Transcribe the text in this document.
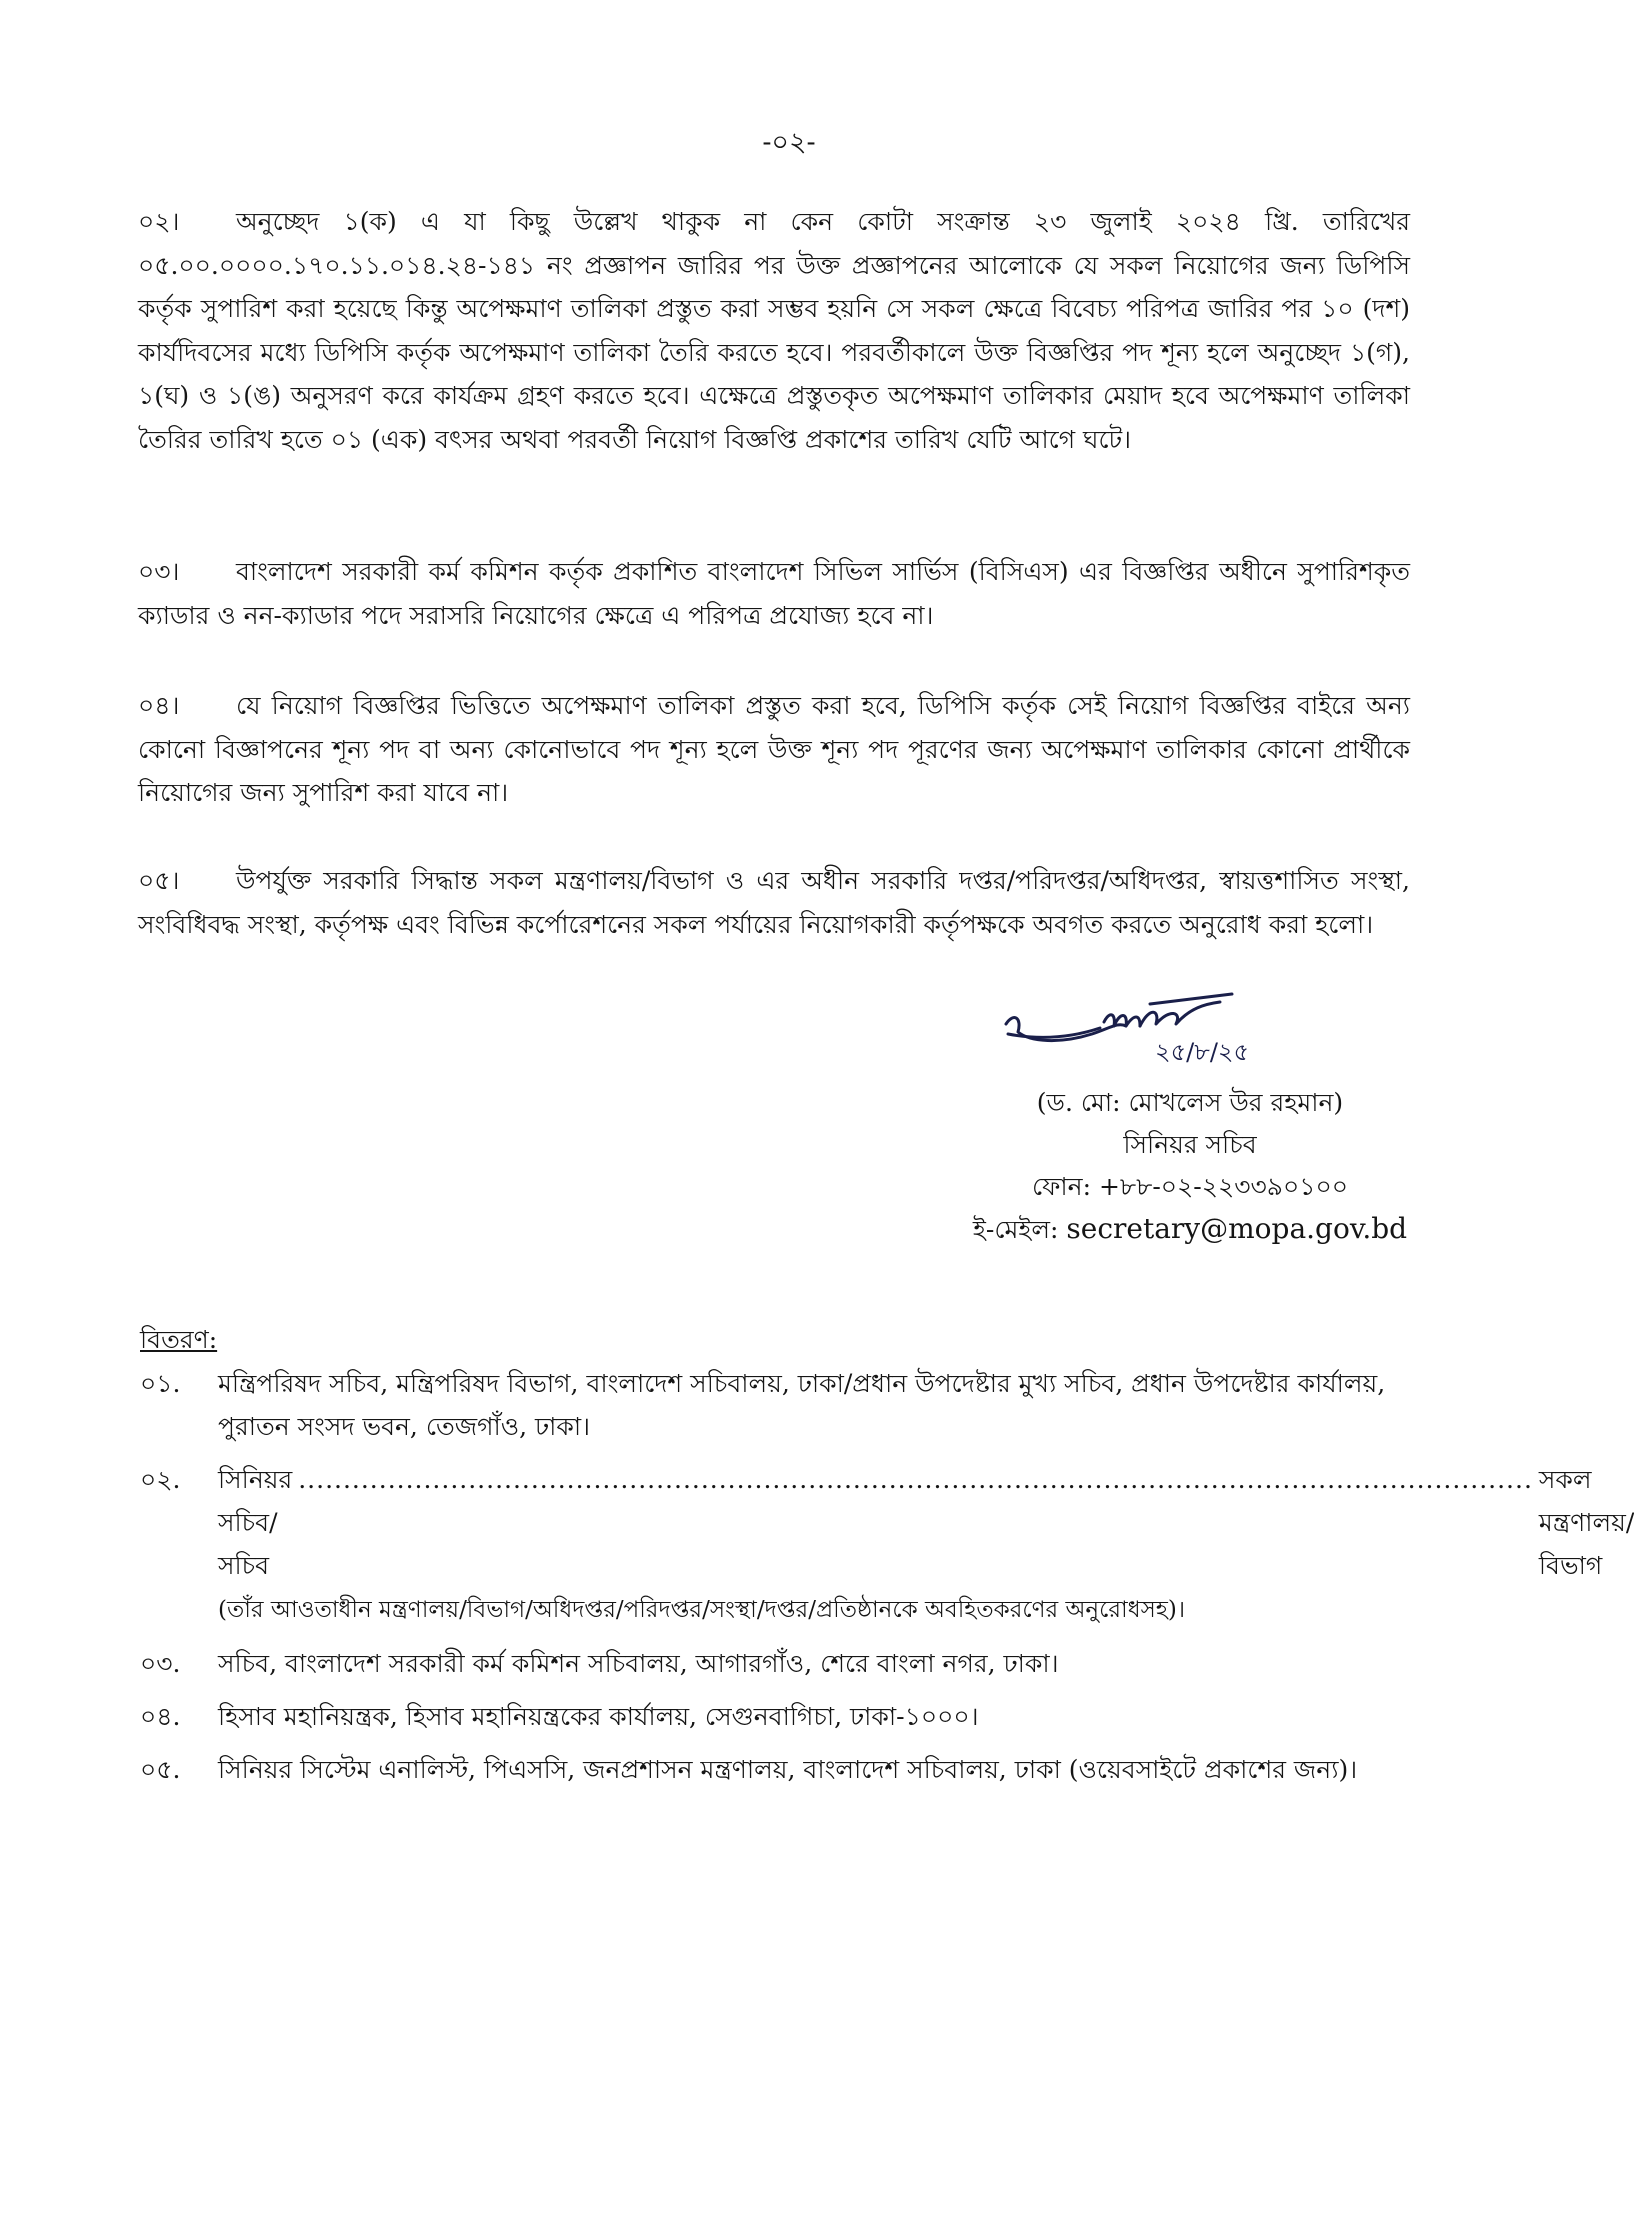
-০২-
০২। অনুচ্ছেদ ১(ক) এ যা কিছু উল্লেখ থাকুক না কেন কোটা সংক্রান্ত ২৩ জুলাই ২০২৪ খ্রি. তারিখের ০৫.০০.০০০০.১৭০.১১.০১৪.২৪-১৪১ নং প্রজ্ঞাপন জারির পর উক্ত প্রজ্ঞাপনের আলোকে যে সকল নিয়োগের জন্য ডিপিসি কর্তৃক সুপারিশ করা হয়েছে কিন্তু অপেক্ষমাণ তালিকা প্রস্তুত করা সম্ভব হয়নি সে সকল ক্ষেত্রে বিবেচ্য পরিপত্র জারির পর ১০ (দশ) কার্যদিবসের মধ্যে ডিপিসি কর্তৃক অপেক্ষমাণ তালিকা তৈরি করতে হবে। পরবর্তীকালে উক্ত বিজ্ঞপ্তির পদ শূন্য হলে অনুচ্ছেদ ১(গ), ১(ঘ) ও ১(ঙ) অনুসরণ করে কার্যক্রম গ্রহণ করতে হবে। এক্ষেত্রে প্রস্তুতকৃত অপেক্ষমাণ তালিকার মেয়াদ হবে অপেক্ষমাণ তালিকা তৈরির তারিখ হতে ০১ (এক) বৎসর অথবা পরবর্তী নিয়োগ বিজ্ঞপ্তি প্রকাশের তারিখ যেটি আগে ঘটে।
০৩। বাংলাদেশ সরকারী কর্ম কমিশন কর্তৃক প্রকাশিত বাংলাদেশ সিভিল সার্ভিস (বিসিএস) এর বিজ্ঞপ্তির অধীনে সুপারিশকৃত ক্যাডার ও নন-ক্যাডার পদে সরাসরি নিয়োগের ক্ষেত্রে এ পরিপত্র প্রযোজ্য হবে না।
০৪। যে নিয়োগ বিজ্ঞপ্তির ভিত্তিতে অপেক্ষমাণ তালিকা প্রস্তুত করা হবে, ডিপিসি কর্তৃক সেই নিয়োগ বিজ্ঞপ্তির বাইরে অন্য কোনো বিজ্ঞাপনের শূন্য পদ বা অন্য কোনোভাবে পদ শূন্য হলে উক্ত শূন্য পদ পূরণের জন্য অপেক্ষমাণ তালিকার কোনো প্রার্থীকে নিয়োগের জন্য সুপারিশ করা যাবে না।
০৫। উপর্যুক্ত সরকারি সিদ্ধান্ত সকল মন্ত্রণালয়/বিভাগ ও এর অধীন সরকারি দপ্তর/পরিদপ্তর/অধিদপ্তর, স্বায়ত্তশাসিত সংস্থা, সংবিধিবদ্ধ সংস্থা, কর্তৃপক্ষ এবং বিভিন্ন কর্পোরেশনের সকল পর্যায়ের নিয়োগকারী কর্তৃপক্ষকে অবগত করতে অনুরোধ করা হলো।
২৫/৮/২৫
(ড. মো: মোখলেস উর রহমান)
সিনিয়র সচিব
ফোন: +৮৮-০২-২২৩৩৯০১০০
ই-মেইল: secretary@mopa.gov.bd
বিতরণ:
০১.	মন্ত্রিপরিষদ সচিব, মন্ত্রিপরিষদ বিভাগ, বাংলাদেশ সচিবালয়, ঢাকা/প্রধান উপদেষ্টার মুখ্য সচিব, প্রধান উপদেষ্টার কার্যালয়, পুরাতন সংসদ ভবন, তেজগাঁও, ঢাকা।
০২.	সিনিয়র সচিব/সচিব
.......................................................................................................................................... সকল মন্ত্রণালয়/বিভাগ
(তাঁর আওতাধীন মন্ত্রণালয়/বিভাগ/অধিদপ্তর/পরিদপ্তর/সংস্থা/দপ্তর/প্রতিষ্ঠানকে অবহিতকরণের অনুরোধসহ)।
০৩.	সচিব, বাংলাদেশ সরকারী কর্ম কমিশন সচিবালয়, আগারগাঁও, শেরে বাংলা নগর, ঢাকা।
০৪.	হিসাব মহানিয়ন্ত্রক, হিসাব মহানিয়ন্ত্রকের কার্যালয়, সেগুনবাগিচা, ঢাকা-১০০০।
০৫.	সিনিয়র সিস্টেম এনালিস্ট, পিএসসি, জনপ্রশাসন মন্ত্রণালয়, বাংলাদেশ সচিবালয়, ঢাকা (ওয়েবসাইটে প্রকাশের জন্য)।
